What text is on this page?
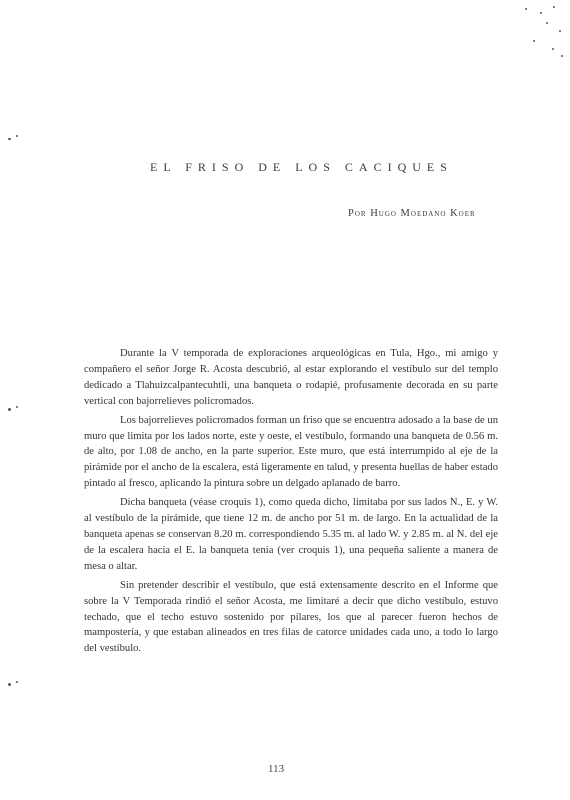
EL FRISO DE LOS CACIQUES
Por Hugo Moedano Koer

Durante la V temporada de exploraciones arqueológicas en Tula, Hgo., mi amigo y compañero el señor Jorge R. Acosta descubrió, al estar explorando el vestíbulo sur del templo dedicado a Tlahuizcalpantecuhtli, una banqueta o rodapié, profusamente decorada en su parte vertical con bajorrelieves policromados.

Los bajorrelieves policromados forman un friso que se encuentra adosado a la base de un muro que limita por los lados norte, este y oeste, el vestíbulo, formando una banqueta de 0.56 m. de alto, por 1.08 de ancho, en la parte superior. Este muro, que está interrumpido al eje de la pirámide por el ancho de la escalera, está ligeramente en talud, y presenta huellas de haber estado pintado al fresco, aplicando la pintura sobre un delgado aplanado de barro.

Dicha banqueta (véase croquis 1), como queda dicho, limitaba por sus lados N., E. y W. al vestíbulo de la pirámide, que tiene 12 m. de ancho por 51 m. de largo. En la actualidad de la banqueta apenas se conservan 8.20 m. correspondiendo 5.35 m. al lado W. y 2.85 m. al N. del eje de la escalera hacia el E. la banqueta tenía (ver croquis 1), una pequeña saliente a manera de mesa o altar.

Sin pretender describir el vestíbulo, que está extensamente descrito en el Informe que sobre la V Temporada rindió el señor Acosta, me limitaré a decir que dicho vestíbulo, estuvo techado, que el techo estuvo sostenido por pilares, los que al parecer fueron hechos de mampostería, y que estaban alineados en tres filas de catorce unidades cada uno, a todo lo largo del vestíbulo.

113
